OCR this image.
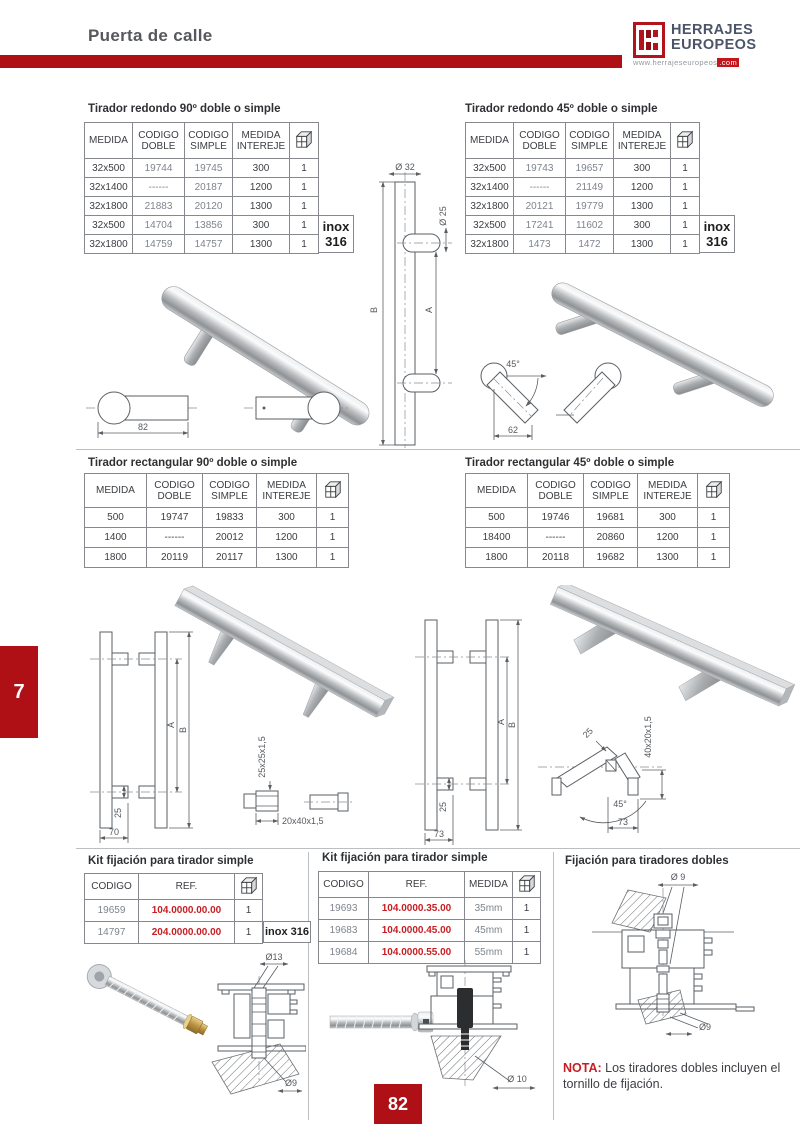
Puerta de calle	HERRAJES
EUROPEOS
www.herrajeseuropeos .com
7
Tirador redondo 90º doble o simple
MEDIDA	CODIGO DOBLE	CODIGO SIMPLE	MEDIDA INTEREJE	
32x500	19744	19745	300	1
32x1400	------	20187	1200	1
32x1800	21883	20120	1300	1
32x500	14704	13856	300	1
32x1800	14759	14757	1300	1
inox
316
82
Ø 32
Ø 25
A
B
Tirador redondo 45º doble o simple
MEDIDA	CODIGO DOBLE	CODIGO SIMPLE	MEDIDA INTEREJE	
32x500	19743	19657	300	1
32x1400	------	21149	1200	1
32x1800	20121	19779	1300	1
32x500	17241	11602	300	1
32x1800	1473	1472	1300	1
inox
316
45°
62
Tirador rectangular 90º doble o simple
MEDIDA	CODIGO DOBLE	CODIGO SIMPLE	MEDIDA INTEREJE	
500	19747	19833	300	1
1400	------	20012	1200	1
1800	20119	20117	1300	1
25
70
A
B
25x25x1,5
20x40x1,5
Tirador rectangular 45º doble o simple
MEDIDA	CODIGO DOBLE	CODIGO SIMPLE	MEDIDA INTEREJE	
500	19746	19681	300	1
18400	------	20860	1200	1
1800	20118	19682	1300	1
25
73
A B
25	40x20x1,5
45°
73
Kit fijación para tirador simple
CODIGO	REF.	
19659	104.0000.00.00	1
14797	204.0000.00.00	1 inox 316
Ø13
Ø9
Kit fijación para tirador simple
CODIGO	REF.	MEDIDA	
19693	104.0000.35.00	35mm	1
19683	104.0000.45.00	45mm	1
19684	104.0000.55.00	55mm	1
Ø 10
Fijación para tiradores dobles
Ø 9
Ø9

NOTA: Los tiradores dobles incluyen el tornillo de fijación.

82
